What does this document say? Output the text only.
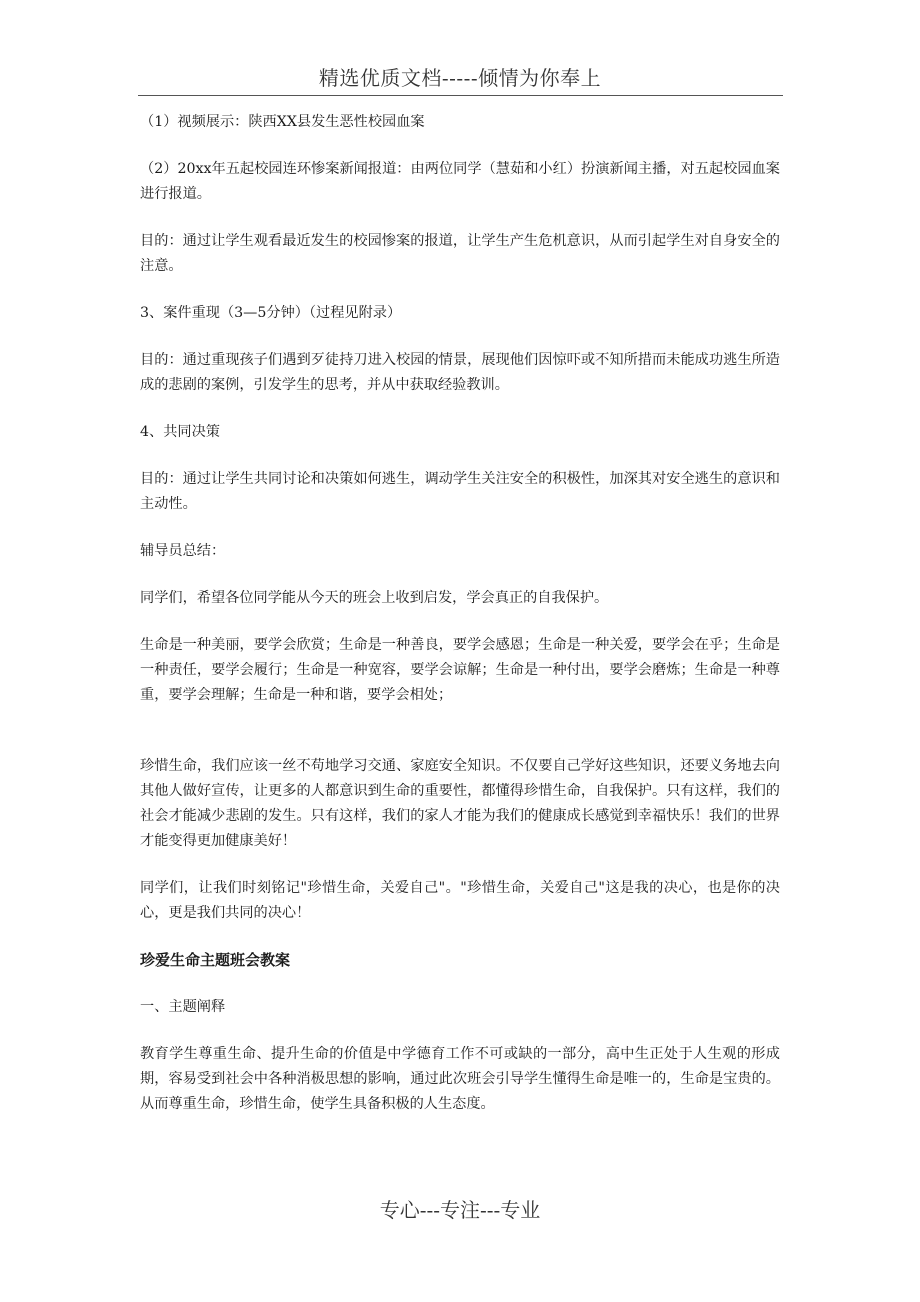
精选优质文档-----倾情为你奉上

（1）视频展示：陕西XX县发生恶性校园血案

（2）20xx年五起校园连环惨案新闻报道：由两位同学（慧茹和小红）扮演新闻主播，对五起校园血案进行报道。

目的：通过让学生观看最近发生的校园惨案的报道，让学生产生危机意识，从而引起学生对自身安全的注意。

3、案件重现（3—5分钟）（过程见附录）

目的：通过重现孩子们遇到歹徒持刀进入校园的情景，展现他们因惊吓或不知所措而未能成功逃生所造成的悲剧的案例，引发学生的思考，并从中获取经验教训。

4、共同决策

目的：通过让学生共同讨论和决策如何逃生，调动学生关注安全的积极性，加深其对安全逃生的意识和主动性。

辅导员总结：

同学们，希望各位同学能从今天的班会上收到启发，学会真正的自我保护。

生命是一种美丽，要学会欣赏；生命是一种善良，要学会感恩；生命是一种关爱，要学会在乎；生命是一种责任，要学会履行；生命是一种宽容，要学会谅解；生命是一种付出，要学会磨炼；生命是一种尊重，要学会理解；生命是一种和谐，要学会相处；

珍惜生命，我们应该一丝不苟地学习交通、家庭安全知识。不仅要自己学好这些知识，还要义务地去向其他人做好宣传，让更多的人都意识到生命的重要性，都懂得珍惜生命，自我保护。只有这样，我们的社会才能减少悲剧的发生。只有这样，我们的家人才能为我们的健康成长感觉到幸福快乐！我们的世界才能变得更加健康美好！

同学们，让我们时刻铭记"珍惜生命，关爱自己"。"珍惜生命，关爱自己"这是我的决心，也是你的决心，更是我们共同的决心！

珍爱生命主题班会教案

一、主题阐释

教育学生尊重生命、提升生命的价值是中学德育工作不可或缺的一部分，高中生正处于人生观的形成期，容易受到社会中各种消极思想的影响，通过此次班会引导学生懂得生命是唯一的，生命是宝贵的。从而尊重生命，珍惜生命，使学生具备积极的人生态度。

专心---专注---专业
